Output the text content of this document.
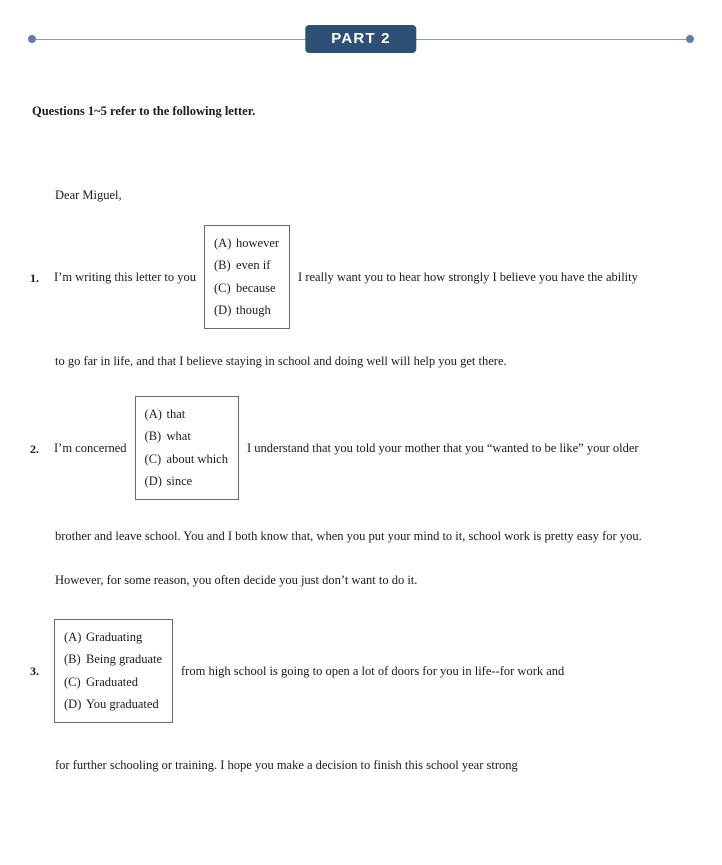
PART 2
Questions 1~5 refer to the following letter.
Dear Miguel,
1.	I’m writing this letter to you
(A) however
(B) even if
(C) because
(D) though
I really want you to hear how strongly I believe you have the ability
to go far in life, and that I believe staying in school and doing well will help you get there.
2.	I’m concerned
(A) that
(B) what
(C) about which
(D) since
I understand that you told your mother that you “wanted to be like” your older
brother and leave school. You and I both know that, when you put your mind to it, school work is pretty easy for you.
However, for some reason, you often decide you just don’t want to do it.
3.
(A) Graduating
(B) Being graduate
(C) Graduated
(D) You graduated
from high school is going to open a lot of doors for you in life--for work and
for further schooling or training. I hope you make a decision to finish this school year strong
